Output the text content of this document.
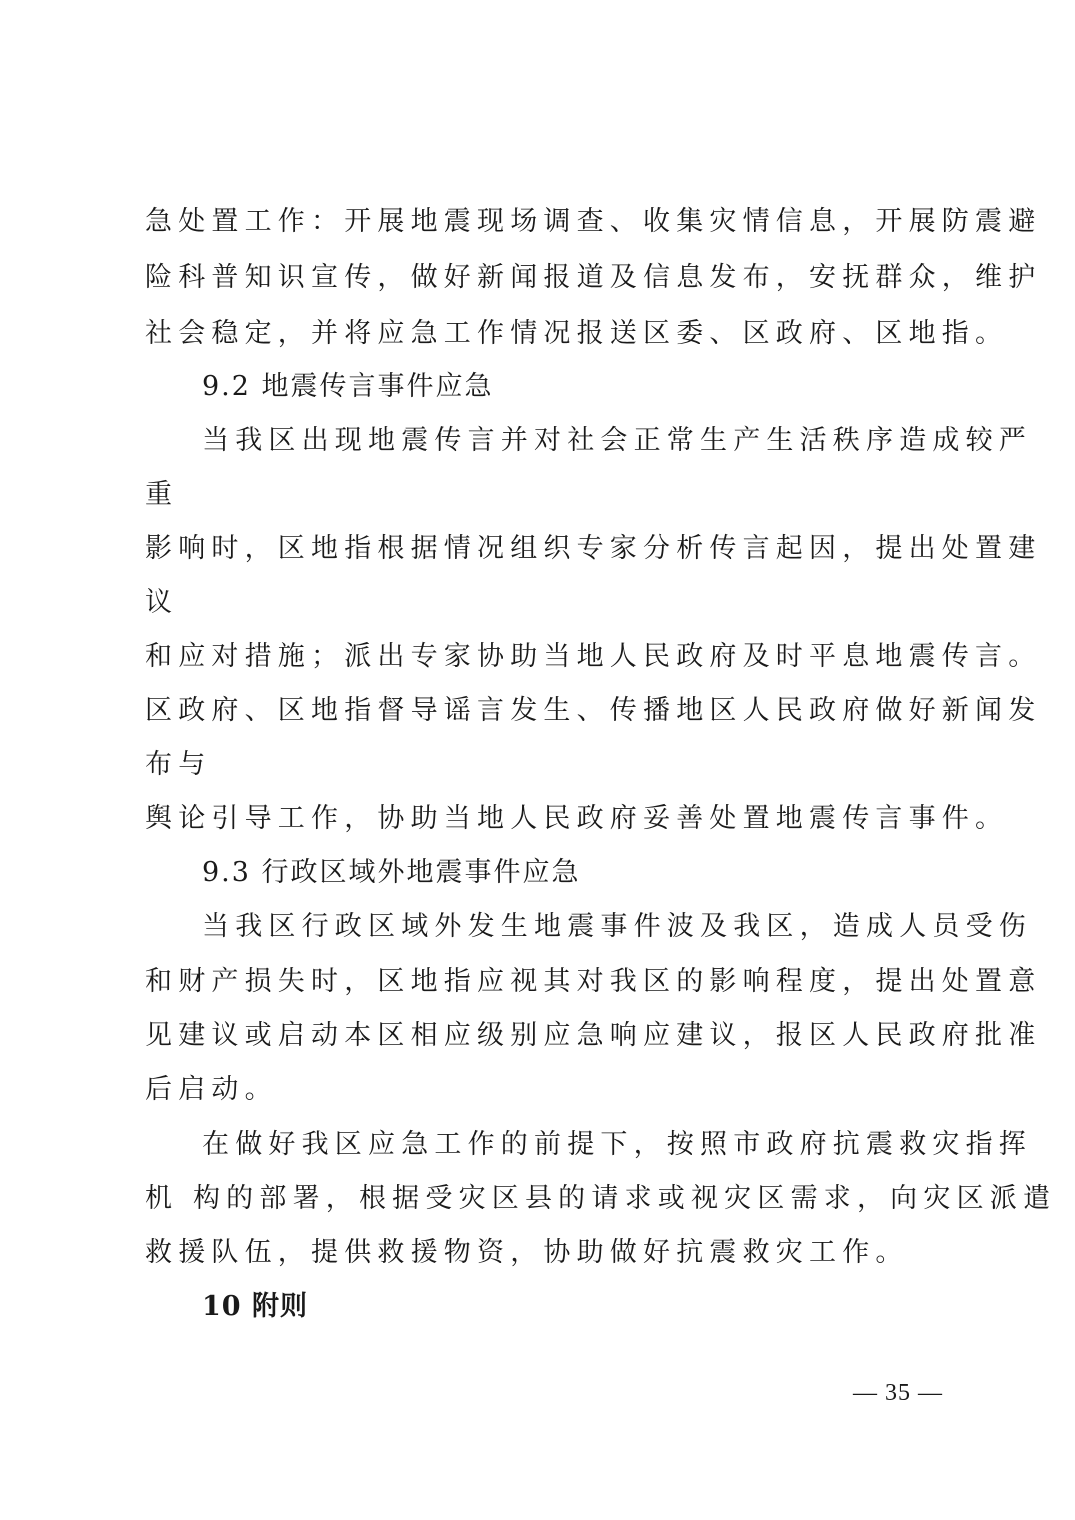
急处置工作：开展地震现场调查、收集灾情信息，开展防震避
险科普知识宣传，做好新闻报道及信息发布，安抚群众，维护
社会稳定，并将应急工作情况报送区委、区政府、区地指。
9.2 地震传言事件应急
当我区出现地震传言并对社会正常生产生活秩序造成较严
重
影响时，区地指根据情况组织专家分析传言起因，提出处置建
议
和应对措施；派出专家协助当地人民政府及时平息地震传言。
区政府、区地指督导谣言发生、传播地区人民政府做好新闻发
布与
舆论引导工作，协助当地人民政府妥善处置地震传言事件。
9.3 行政区域外地震事件应急
当我区行政区域外发生地震事件波及我区，造成人员受伤
和财产损失时，区地指应视其对我区的影响程度，提出处置意
见建议或启动本区相应级别应急响应建议，报区人民政府批准
后启动。
在做好我区应急工作的前提下，按照市政府抗震救灾指挥
机 构的部署，根据受灾区县的请求或视灾区需求，向灾区派遣
救援队伍，提供救援物资，协助做好抗震救灾工作。
10 附则
— 35 —
